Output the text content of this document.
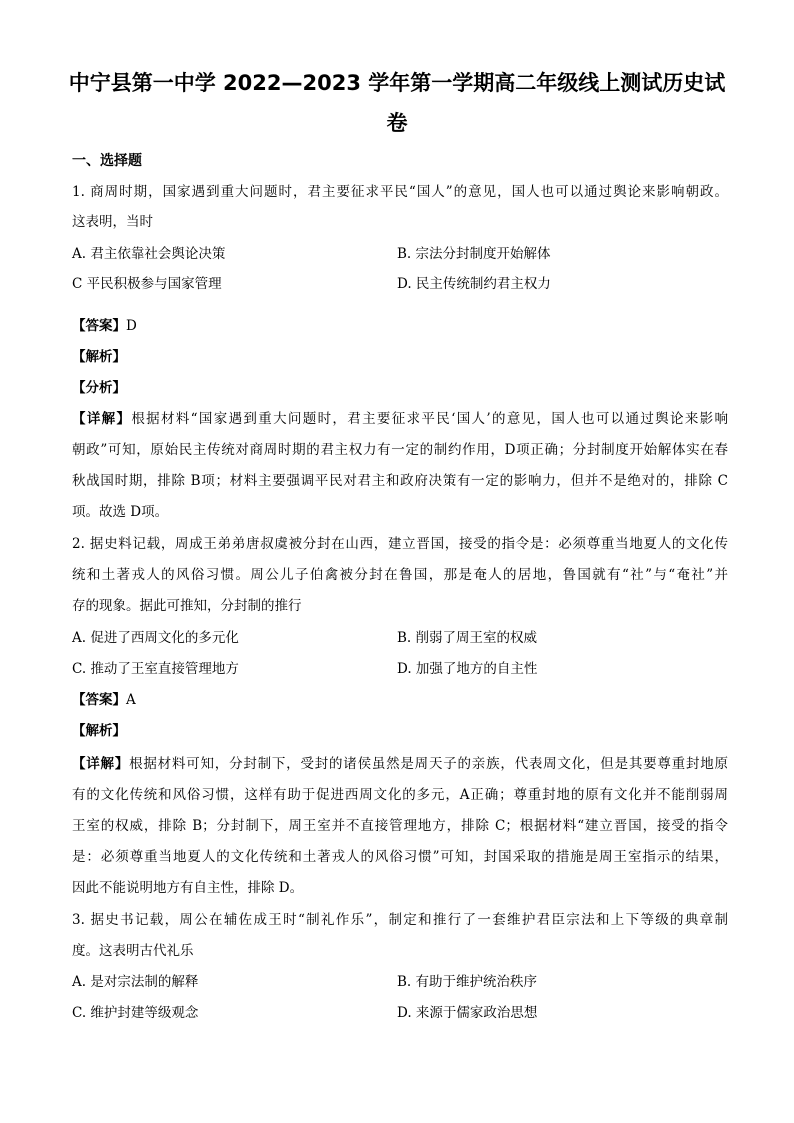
中宁县第一中学 2022—2023 学年第一学期高二年级线上测试历史试
卷
一、选择题
1. 商周时期，国家遇到重大问题时，君主要征求平民“国人”的意见，国人也可以通过舆论来影响朝政。
这表明，当时
A. 君主依靠社会舆论决策	B. 宗法分封制度开始解体
C 平民积极参与国家管理	D. 民主传统制约君主权力
【答案】D
【解析】
【分析】
【详解】根据材料“国家遇到重大问题时，君主要征求平民‘国人’的意见，国人也可以通过舆论来影响
朝政”可知，原始民主传统对商周时期的君主权力有一定的制约作用，D项正确；分封制度开始解体实在春
秋战国时期，排除 B项；材料主要强调平民对君主和政府决策有一定的影响力，但并不是绝对的，排除 C
项。故选 D项。
2. 据史料记载，周成王弟弟唐叔虞被分封在山西，建立晋国，接受的指令是：必须尊重当地夏人的文化传
统和土著戎人的风俗习惯。周公儿子伯禽被分封在鲁国，那是奄人的居地，鲁国就有“社”与“奄社”并
存的现象。据此可推知，分封制的推行
A. 促进了西周文化的多元化	B. 削弱了周王室的权威
C. 推动了王室直接管理地方	D. 加强了地方的自主性
【答案】A
【解析】
【详解】根据材料可知，分封制下，受封的诸侯虽然是周天子的亲族，代表周文化，但是其要尊重封地原
有的文化传统和风俗习惯，这样有助于促进西周文化的多元，A正确；尊重封地的原有文化并不能削弱周
王室的权威，排除 B；分封制下，周王室并不直接管理地方，排除 C；根据材料“建立晋国，接受的指令
是：必须尊重当地夏人的文化传统和土著戎人的风俗习惯”可知，封国采取的措施是周王室指示的结果，
因此不能说明地方有自主性，排除 D。
3. 据史书记载，周公在辅佐成王时“制礼作乐”，制定和推行了一套维护君臣宗法和上下等级的典章制
度。这表明古代礼乐
A. 是对宗法制的解释	B. 有助于维护统治秩序
C. 维护封建等级观念	D. 来源于儒家政治思想
